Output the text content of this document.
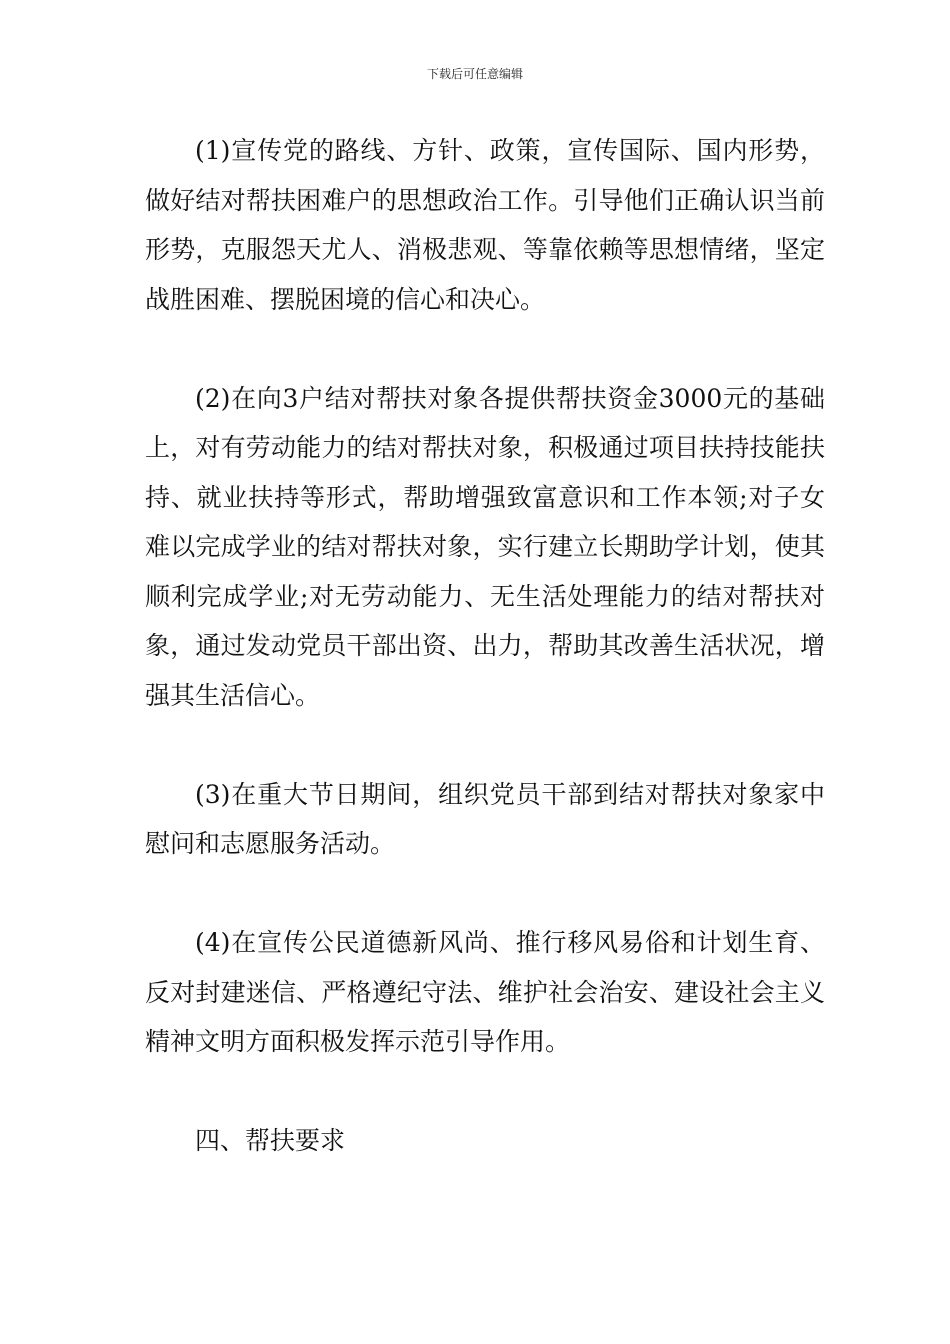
下载后可任意编辑

(1)宣传党的路线、方针、政策，宣传国际、国内形势，做好结对帮扶困难户的思想政治工作。引导他们正确认识当前形势，克服怨天尤人、消极悲观、等靠依赖等思想情绪，坚定战胜困难、摆脱困境的信心和决心。

(2)在向3户结对帮扶对象各提供帮扶资金3000元的基础上，对有劳动能力的结对帮扶对象，积极通过项目扶持技能扶持、就业扶持等形式，帮助增强致富意识和工作本领;对子女难以完成学业的结对帮扶对象，实行建立长期助学计划，使其顺利完成学业;对无劳动能力、无生活处理能力的结对帮扶对象，通过发动党员干部出资、出力，帮助其改善生活状况，增强其生活信心。

(3)在重大节日期间，组织党员干部到结对帮扶对象家中慰问和志愿服务活动。

(4)在宣传公民道德新风尚、推行移风易俗和计划生育、反对封建迷信、严格遵纪守法、维护社会治安、建设社会主义精神文明方面积极发挥示范引导作用。

四、帮扶要求
